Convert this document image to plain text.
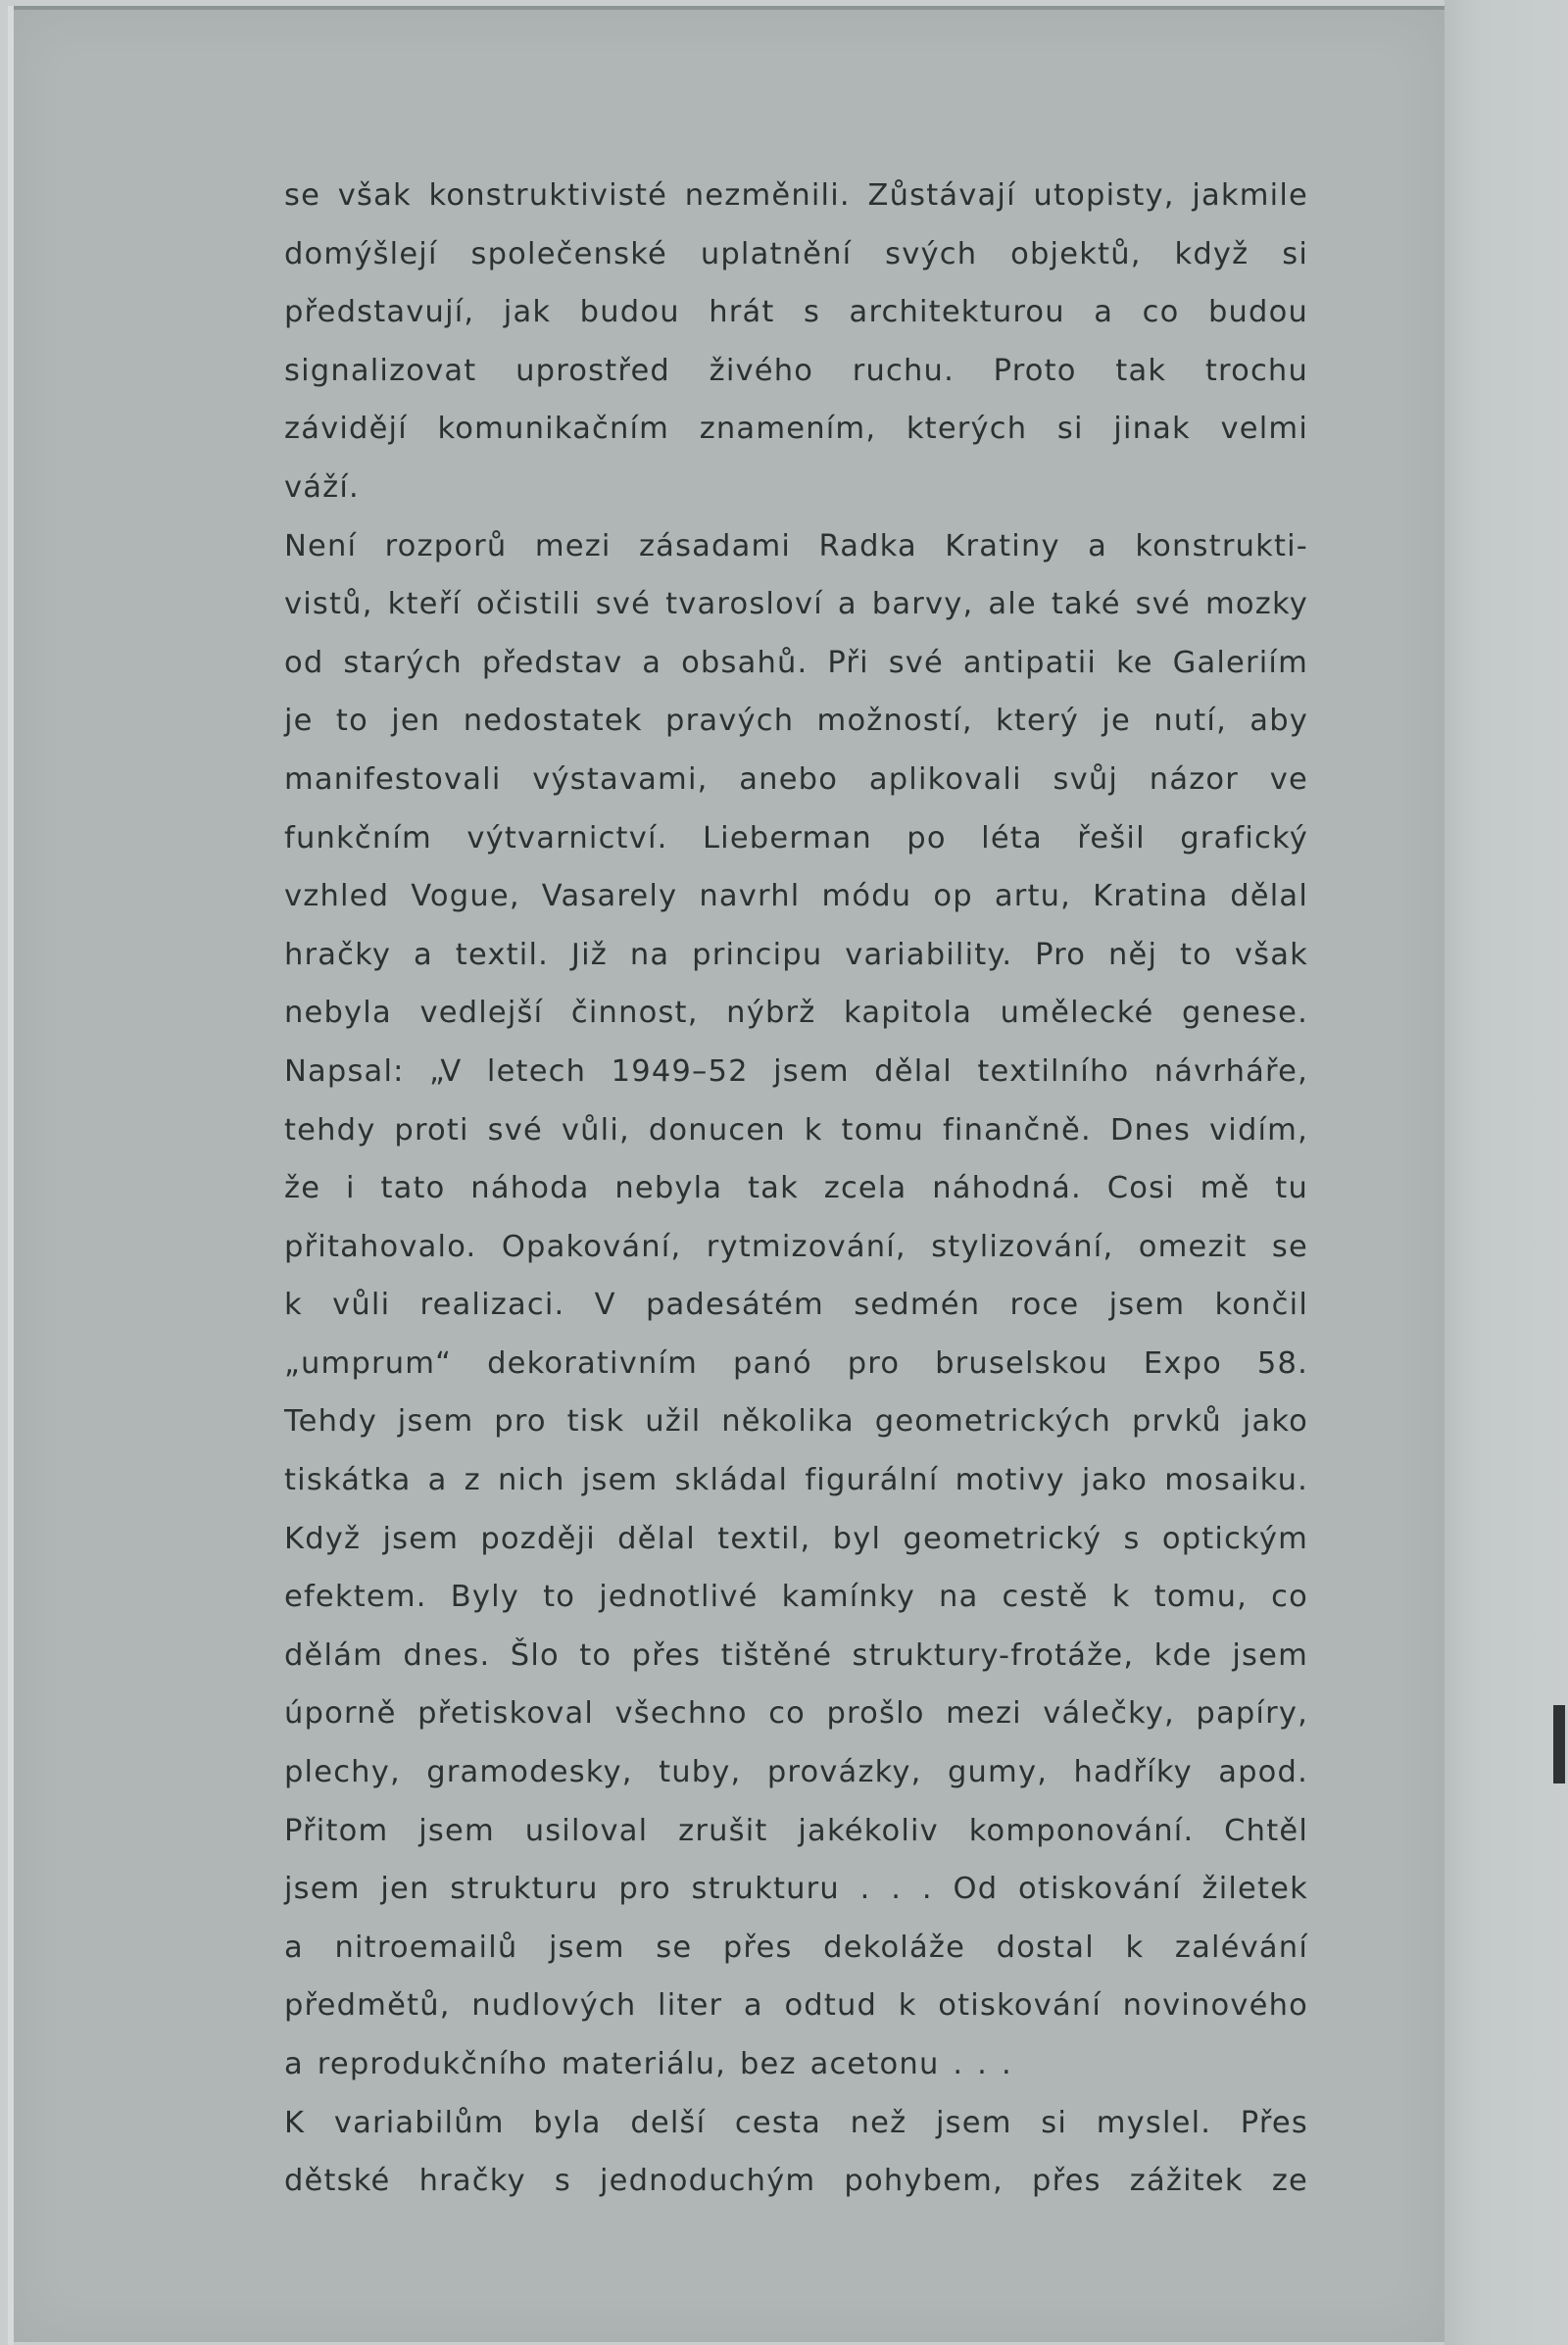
se však konstruktivisté nezměnili. Zůstávají utopisty, jakmile
domýšlejí společenské uplatnění svých objektů, když si
představují, jak budou hrát s architekturou a co budou
signalizovat uprostřed živého ruchu. Proto tak trochu
závidějí komunikačním znamením, kterých si jinak velmi
váží.
Není rozporů mezi zásadami Radka Kratiny a konstrukti-
vistů, kteří očistili své tvarosloví a barvy, ale také své mozky
od starých představ a obsahů. Při své antipatii ke Galeriím
je to jen nedostatek pravých možností, který je nutí, aby
manifestovali výstavami, anebo aplikovali svůj názor ve
funkčním výtvarnictví. Lieberman po léta řešil grafický
vzhled Vogue, Vasarely navrhl módu op artu, Kratina dělal
hračky a textil. Již na principu variability. Pro něj to však
nebyla vedlejší činnost, nýbrž kapitola umělecké genese.
Napsal: „V letech 1949–52 jsem dělal textilního návrháře,
tehdy proti své vůli, donucen k tomu finančně. Dnes vidím,
že i tato náhoda nebyla tak zcela náhodná. Cosi mě tu
přitahovalo. Opakování, rytmizování, stylizování, omezit se
k vůli realizaci. V padesátém sedmén roce jsem končil
„umprum“ dekorativním panó pro bruselskou Expo 58.
Tehdy jsem pro tisk užil několika geometrických prvků jako
tiskátka a z nich jsem skládal figurální motivy jako mosaiku.
Když jsem později dělal textil, byl geometrický s optickým
efektem. Byly to jednotlivé kamínky na cestě k tomu, co
dělám dnes. Šlo to přes tištěné struktury-frotáže, kde jsem
úporně přetiskoval všechno co prošlo mezi válečky, papíry,
plechy, gramodesky, tuby, provázky, gumy, hadříky apod.
Přitom jsem usiloval zrušit jakékoliv komponování. Chtěl
jsem jen strukturu pro strukturu . . . Od otiskování žiletek
a nitroemailů jsem se přes dekoláže dostal k zalévání
předmětů, nudlových liter a odtud k otiskování novinového
a reprodukčního materiálu, bez acetonu . . .
K variabilům byla delší cesta než jsem si myslel. Přes
dětské hračky s jednoduchým pohybem, přes zážitek ze
